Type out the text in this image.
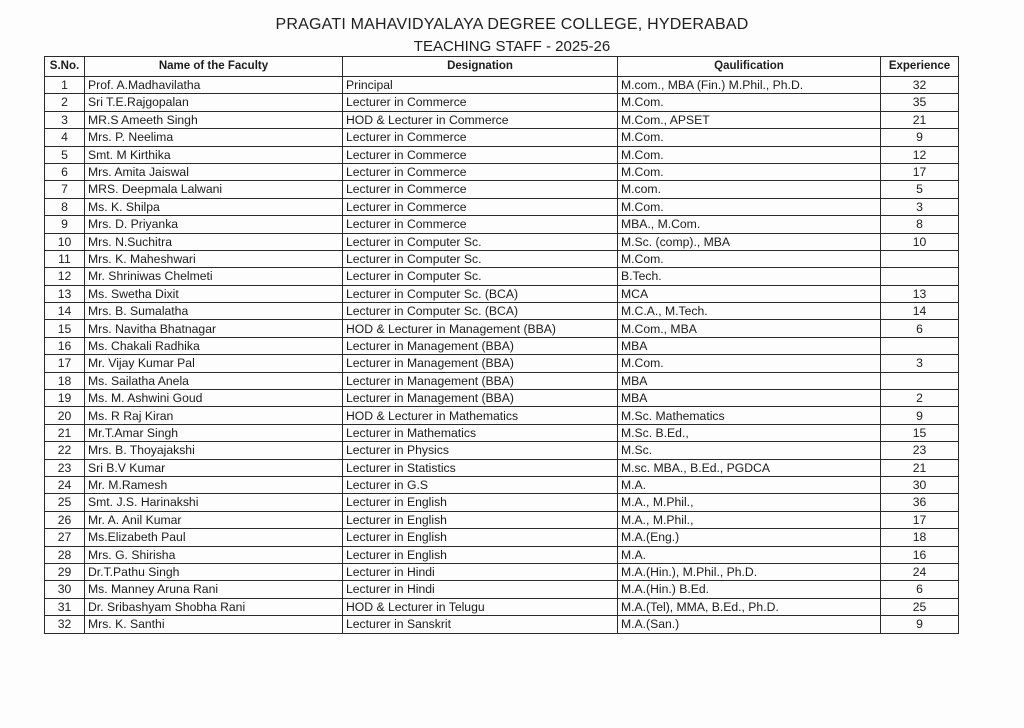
PRAGATI MAHAVIDYALAYA DEGREE COLLEGE, HYDERABAD
TEACHING STAFF - 2025-26
S.No.	Name of the Faculty	Designation	Qaulification	Experience
1	Prof. A.Madhavilatha	Principal	M.com., MBA (Fin.) M.Phil., Ph.D.	32
2	Sri T.E.Rajgopalan	Lecturer in Commerce	M.Com.	35
3	MR.S Ameeth Singh	HOD & Lecturer in Commerce	M.Com., APSET	21
4	Mrs. P. Neelima	Lecturer in Commerce	M.Com.	9
5	Smt. M Kirthika	Lecturer in Commerce	M.Com.	12
6	Mrs. Amita Jaiswal	Lecturer in Commerce	M.Com.	17
7	MRS. Deepmala Lalwani	Lecturer in Commerce	M.com.	5
8	Ms. K. Shilpa	Lecturer in Commerce	M.Com.	3
9	Mrs. D. Priyanka	Lecturer in Commerce	MBA., M.Com.	8
10	Mrs. N.Suchitra	Lecturer in Computer Sc.	M.Sc. (comp)., MBA	10
11	Mrs. K. Maheshwari	Lecturer in Computer Sc.	M.Com.	
12	Mr. Shriniwas Chelmeti	Lecturer in Computer Sc.	B.Tech.	
13	Ms. Swetha Dixit	Lecturer in Computer Sc. (BCA)	MCA	13
14	Mrs. B. Sumalatha	Lecturer in Computer Sc. (BCA)	M.C.A., M.Tech.	14
15	Mrs. Navitha Bhatnagar	HOD & Lecturer in Management (BBA)	M.Com., MBA	6
16	Ms. Chakali Radhika	Lecturer in Management (BBA)	MBA	
17	Mr. Vijay Kumar Pal	Lecturer in Management (BBA)	M.Com.	3
18	Ms. Sailatha Anela	Lecturer in Management (BBA)	MBA	
19	Ms. M. Ashwini Goud	Lecturer in Management (BBA)	MBA	2
20	Ms. R Raj Kiran	HOD & Lecturer in Mathematics	M.Sc. Mathematics	9
21	Mr.T.Amar Singh	Lecturer in Mathematics	M.Sc. B.Ed.,	15
22	Mrs. B. Thoyajakshi	Lecturer in Physics	M.Sc.	23
23	Sri B.V Kumar	Lecturer in Statistics	M.sc. MBA., B.Ed., PGDCA	21
24	Mr. M.Ramesh	Lecturer in G.S	M.A.	30
25	Smt. J.S. Harinakshi	Lecturer in English	M.A., M.Phil.,	36
26	Mr. A. Anil Kumar	Lecturer in English	M.A., M.Phil.,	17
27	Ms.Elizabeth Paul	Lecturer in English	M.A.(Eng.)	18
28	Mrs. G. Shirisha	Lecturer in English	M.A.	16
29	Dr.T.Pathu Singh	Lecturer in Hindi	M.A.(Hin.), M.Phil., Ph.D.	24
30	Ms. Manney Aruna Rani	Lecturer in Hindi	M.A.(Hin.) B.Ed.	6
31	Dr. Sribashyam Shobha Rani	HOD & Lecturer in Telugu	M.A.(Tel), MMA, B.Ed., Ph.D.	25
32	Mrs. K. Santhi	Lecturer in Sanskrit	M.A.(San.)	9
